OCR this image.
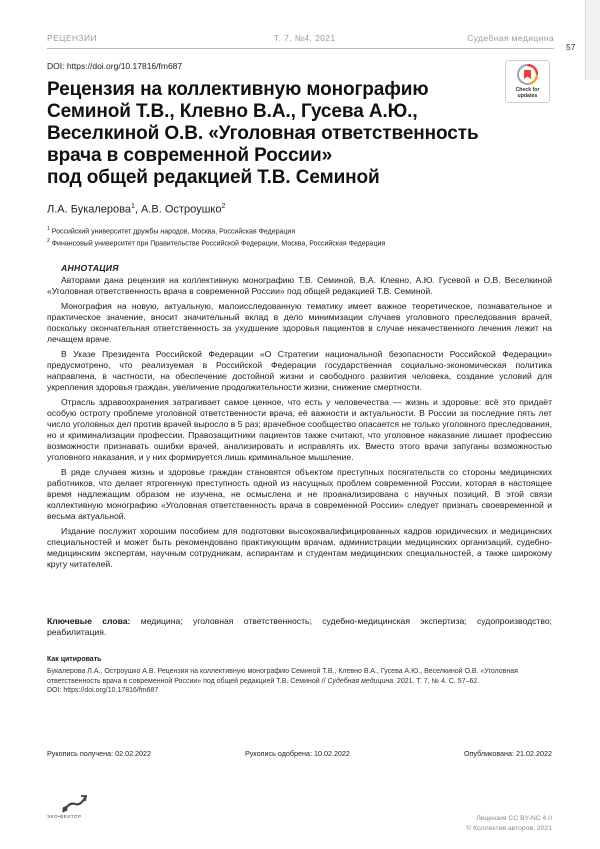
РЕЦЕНЗИИ	Т. 7, №4, 2021	Судебная медицина
57
DOI: https://doi.org/10.17816/fm687
Check for
updates
Рецензия на коллективную монографию
Семиной Т.В., Клевно В.А., Гусева А.Ю.,
Веселкиной О.В. «Уголовная ответственность
врача в современной России»
под общей редакцией Т.В. Семиной
Л.А. Букалерова$^1$, А.В. Остроушко$^2$
$^1$ Российский университет дружбы народов, Москва, Российская Федерация
$^2$ Финансовый университет при Правительстве Российской Федерации, Москва, Российская Федерация
АННОТАЦИЯ

Авторами дана рецензия на коллективную монографию Т.В. Семиной, В.А. Клевно, А.Ю. Гусевой и О.В. Веселкиной «Уголовная ответственность врача в современной России» под общей редакцией Т.В. Семиной.

Монография на новую, актуальную, малоисследованную тематику имеет важное теоретическое, познавательное и практическое значение, вносит значительный вклад в дело минимизации случаев уголовного преследования врачей, поскольку окончательная ответственность за ухудшение здоровья пациентов в случае некачественного лечения лежит на лечащем враче.

В Указе Президента Российской Федерации «О Стратегии национальной безопасности Российской Федерации» предусмотрено, что реализуемая в Российской Федерации государственная социально-экономическая политика направлена, в частности, на обеспечение достойной жизни и свободного развития человека, создание условий для укрепления здоровья граждан, увеличение продолжительности жизни, снижение смертности.

Отрасль здравоохранения затрагивает самое ценное, что есть у человечества — жизнь и здоровье: всё это придаёт особую остроту проблеме уголовной ответственности врача, её важности и актуальности. В России за последние пять лет число уголовных дел против врачей выросло в 5 раз; врачебное сообщество опасается не только уголовного преследования, но и криминализации профессии. Правозащитники пациентов также считают, что уголовное наказание лишает профессию возможности признавать ошибки врачей, анализировать и исправлять их. Вместо этого врачи запуганы возможностью уголовного наказания, и у них формируется лишь криминальное мышление.

В ряде случаев жизнь и здоровье граждан становятся объектом преступных посягательств со стороны медицинских работников, что делает ятрогенную преступность одной из насущных проблем современной России, которая в настоящее время надлежащим образом не изучена, не осмыслена и не проанализирована с научных позиций. В этой связи коллективную монографию «Уголовная ответственность врача в современной России» следует признать своевременной и весьма актуальной.

Издание послужит хорошим пособием для подготовки высококвалифицированных кадров юридических и медицинских специальностей и может быть рекомендовано практикующим врачам, администрации медицинских организаций, судебно-медицинским экспертам, научным сотрудникам, аспирантам и студентам медицинских специальностей, а также широкому кругу читателей.

Ключевые слова: медицина; уголовная ответственность; судебно-медицинская экспертиза; судопроизводство; реабилитация.
Как цитировать
Букалерова Л.А., Остроушко А.В. Рецензия на коллективную монографию Семиной Т.В., Клевно В.А., Гусева А.Ю., Веселкиной О.В. «Уголовная ответственность врача в современной России» под общей редакцией Т.В. Семиной // Судебная медицина. 2021. Т. 7, № 4. С. 57–62.
DOI: https://doi.org/10.17816/fm687
Рукопись получена: 02.02.2022	Рукопись одобрена: 10.02.2022	Опубликована: 21.02.2022
ЭКО•ВЕКТОР	Лицензия CC BY-NC 4.0
© Коллектив авторов, 2021
